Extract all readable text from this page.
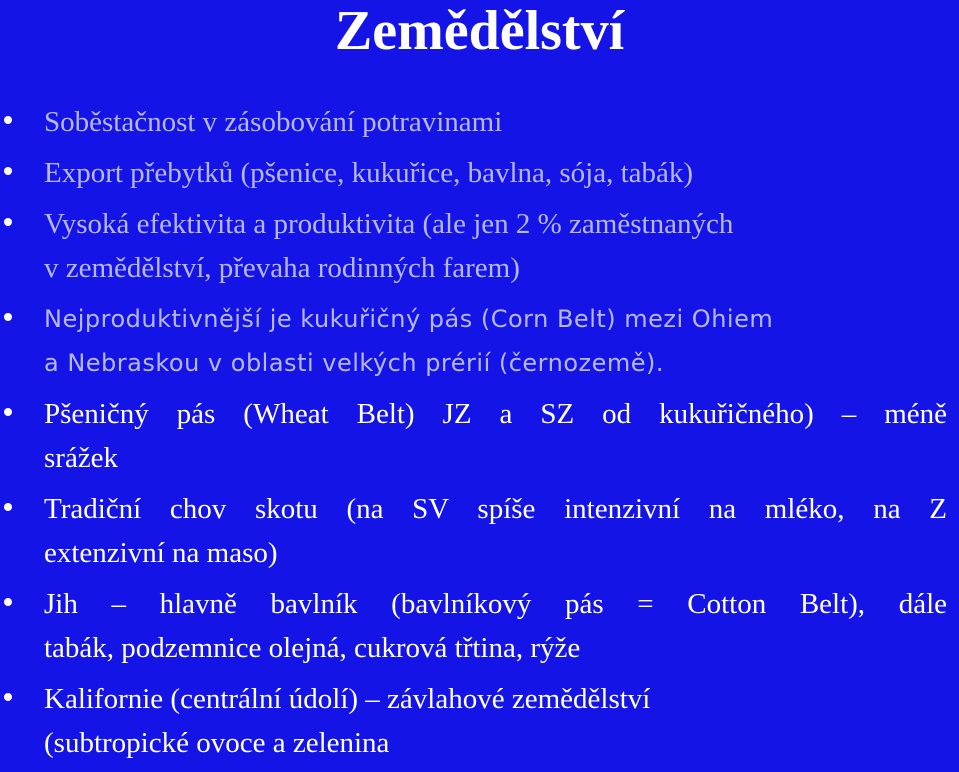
Zemědělství
Soběstačnost v zásobování potravinami
Export přebytků (pšenice, kukuřice, bavlna, sója, tabák)
Vysoká efektivita a produktivita (ale jen 2 % zaměstnaných
v zemědělství, převaha rodinných farem)
Nejproduktivnější je kukuřičný pás (Corn Belt) mezi Ohiem
a Nebraskou v oblasti velkých prérií (černozemě).
Pšeničný pás (Wheat Belt) JZ a SZ od kukuřičného) – méně
srážek
Tradiční chov skotu (na SV spíše intenzivní na mléko, na Z
extenzivní na maso)
Jih – hlavně bavlník (bavlníkový pás = Cotton Belt), dále
tabák, podzemnice olejná, cukrová třtina, rýže
Kalifornie (centrální údolí) – závlahové zemědělství
(subtropické ovoce a zelenina
